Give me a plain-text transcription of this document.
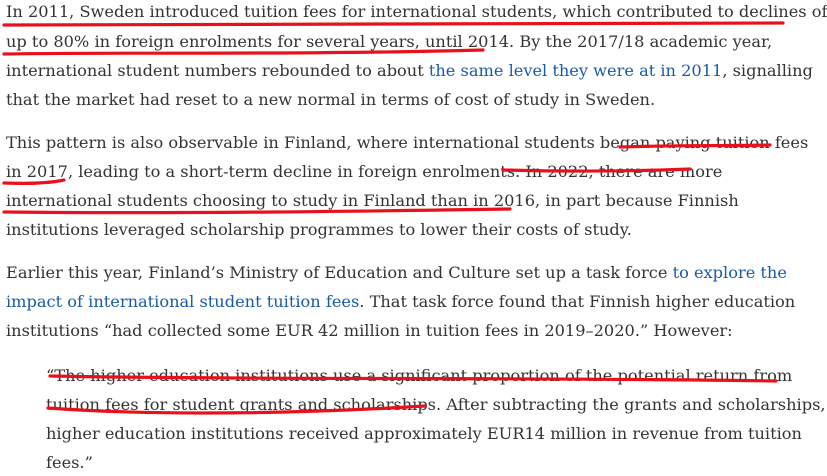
In 2011, Sweden introduced tuition fees for international students, which contributed to declines of
up to 80% in foreign enrolments for several years, until 2014. By the 2017/18 academic year,
international student numbers rebounded to about the same level they were at in 2011, signalling
that the market had reset to a new normal in terms of cost of study in Sweden.
This pattern is also observable in Finland, where international students began paying tuition fees
in 2017, leading to a short-term decline in foreign enrolments. In 2022, there are more
international students choosing to study in Finland than in 2016, in part because Finnish
institutions leveraged scholarship programmes to lower their costs of study.
Earlier this year, Finland’s Ministry of Education and Culture set up a task force to explore the
impact of international student tuition fees. That task force found that Finnish higher education
institutions “had collected some EUR 42 million in tuition fees in 2019–2020.” However:
“The higher education institutions use a significant proportion of the potential return from
tuition fees for student grants and scholarships. After subtracting the grants and scholarships,
higher education institutions received approximately EUR14 million in revenue from tuition
fees.”
